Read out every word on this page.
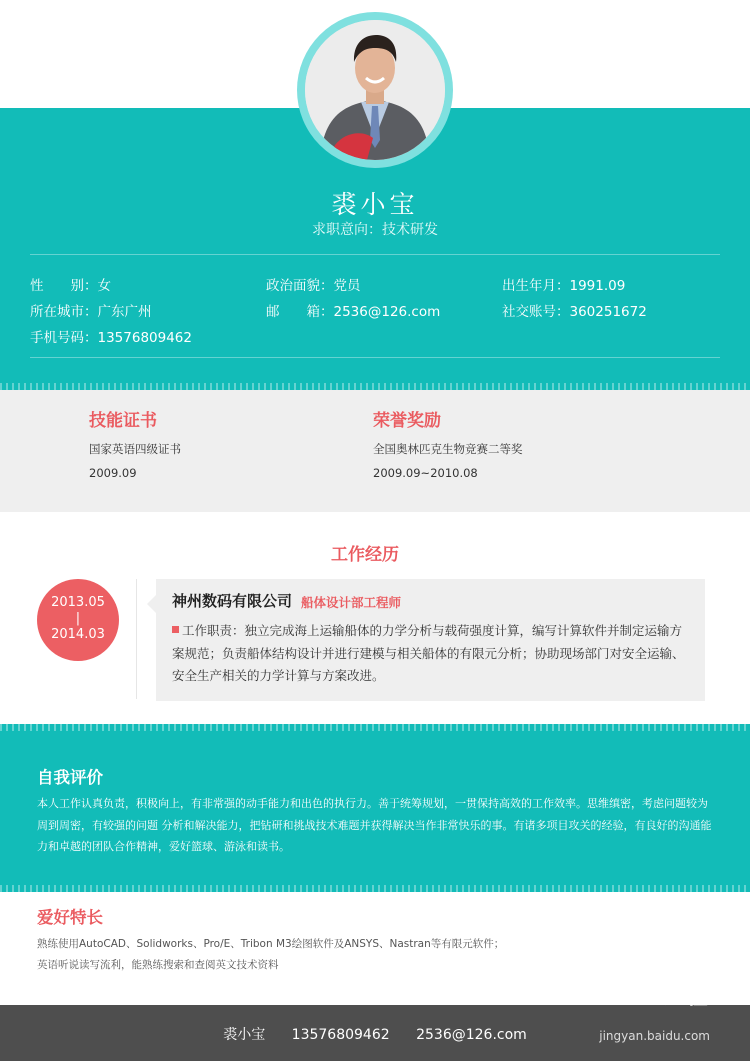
裘小宝
求职意向：技术研发
性　　别：女	政治面貌：党员	出生年月：1991.09
所在城市：广东广州	邮　　箱：2536@126.com	社交账号：360251672
手机号码：13576809462
技能证书
国家英语四级证书
2009.09
荣誉奖励
全国奥林匹克生物竞赛二等奖
2009.09~2010.08
工作经历
2013.05
|
2014.03
神州数码有限公司 船体设计部工程师
工作职责：独立完成海上运输船体的力学分析与载荷强度计算，编写计算软件并制定运输方案规范；负责船体结构设计并进行建模与相关船体的有限元分析；协助现场部门对安全运输、安全生产相关的力学计算与方案改进。
自我评价
本人工作认真负责，积极向上，有非常强的动手能力和出色的执行力。善于统筹规划，一贯保持高效的工作效率。思维缜密，考虑问题较为周到周密，有较强的问题 分析和解决能力，把钻研和挑战技术难题并获得解决当作非常快乐的事。有诸多项目攻关的经验，有良好的沟通能力和卓越的团队合作精神，爱好篮球、游泳和读书。
爱好特长
熟练使用AutoCAD、Solidworks、Pro/E、Tribon M3绘图软件及ANSYS、Nastran等有限元软件；
英语听说读写流利，能熟练搜索和查阅英文技术资料
裘小宝 13576809462 2536@126.com
Bai经验
jingyan.baidu.com
